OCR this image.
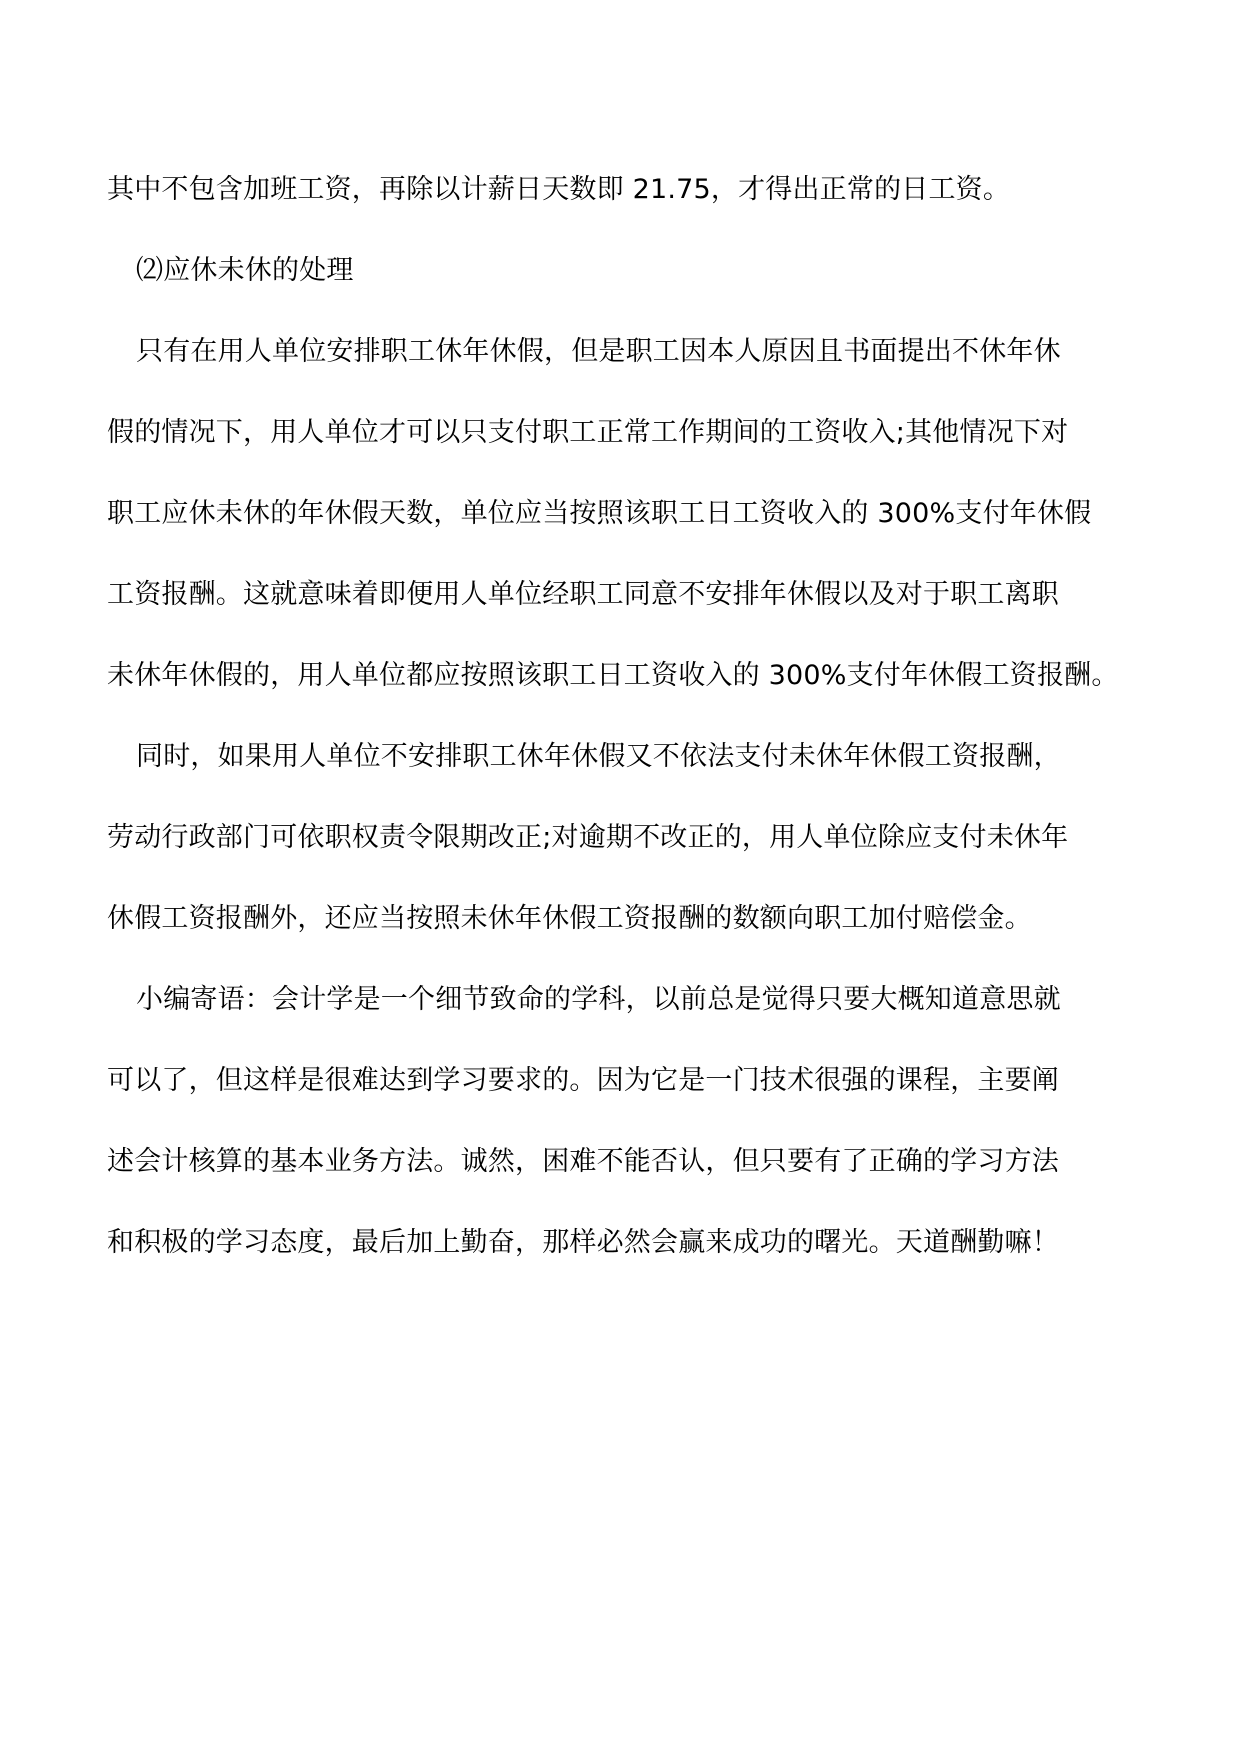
其中不包含加班工资，再除以计薪日天数即 21.75，才得出正常的日工资。
⑵应休未休的处理
只有在用人单位安排职工休年休假，但是职工因本人原因且书面提出不休年休
假的情况下，用人单位才可以只支付职工正常工作期间的工资收入;其他情况下对
职工应休未休的年休假天数，单位应当按照该职工日工资收入的 300%支付年休假
工资报酬。这就意味着即便用人单位经职工同意不安排年休假以及对于职工离职
未休年休假的，用人单位都应按照该职工日工资收入的 300%支付年休假工资报酬。
同时，如果用人单位不安排职工休年休假又不依法支付未休年休假工资报酬，
劳动行政部门可依职权责令限期改正;对逾期不改正的，用人单位除应支付未休年
休假工资报酬外，还应当按照未休年休假工资报酬的数额向职工加付赔偿金。
小编寄语：会计学是一个细节致命的学科，以前总是觉得只要大概知道意思就
可以了，但这样是很难达到学习要求的。因为它是一门技术很强的课程，主要阐
述会计核算的基本业务方法。诚然，困难不能否认，但只要有了正确的学习方法
和积极的学习态度，最后加上勤奋，那样必然会赢来成功的曙光。天道酬勤嘛！
